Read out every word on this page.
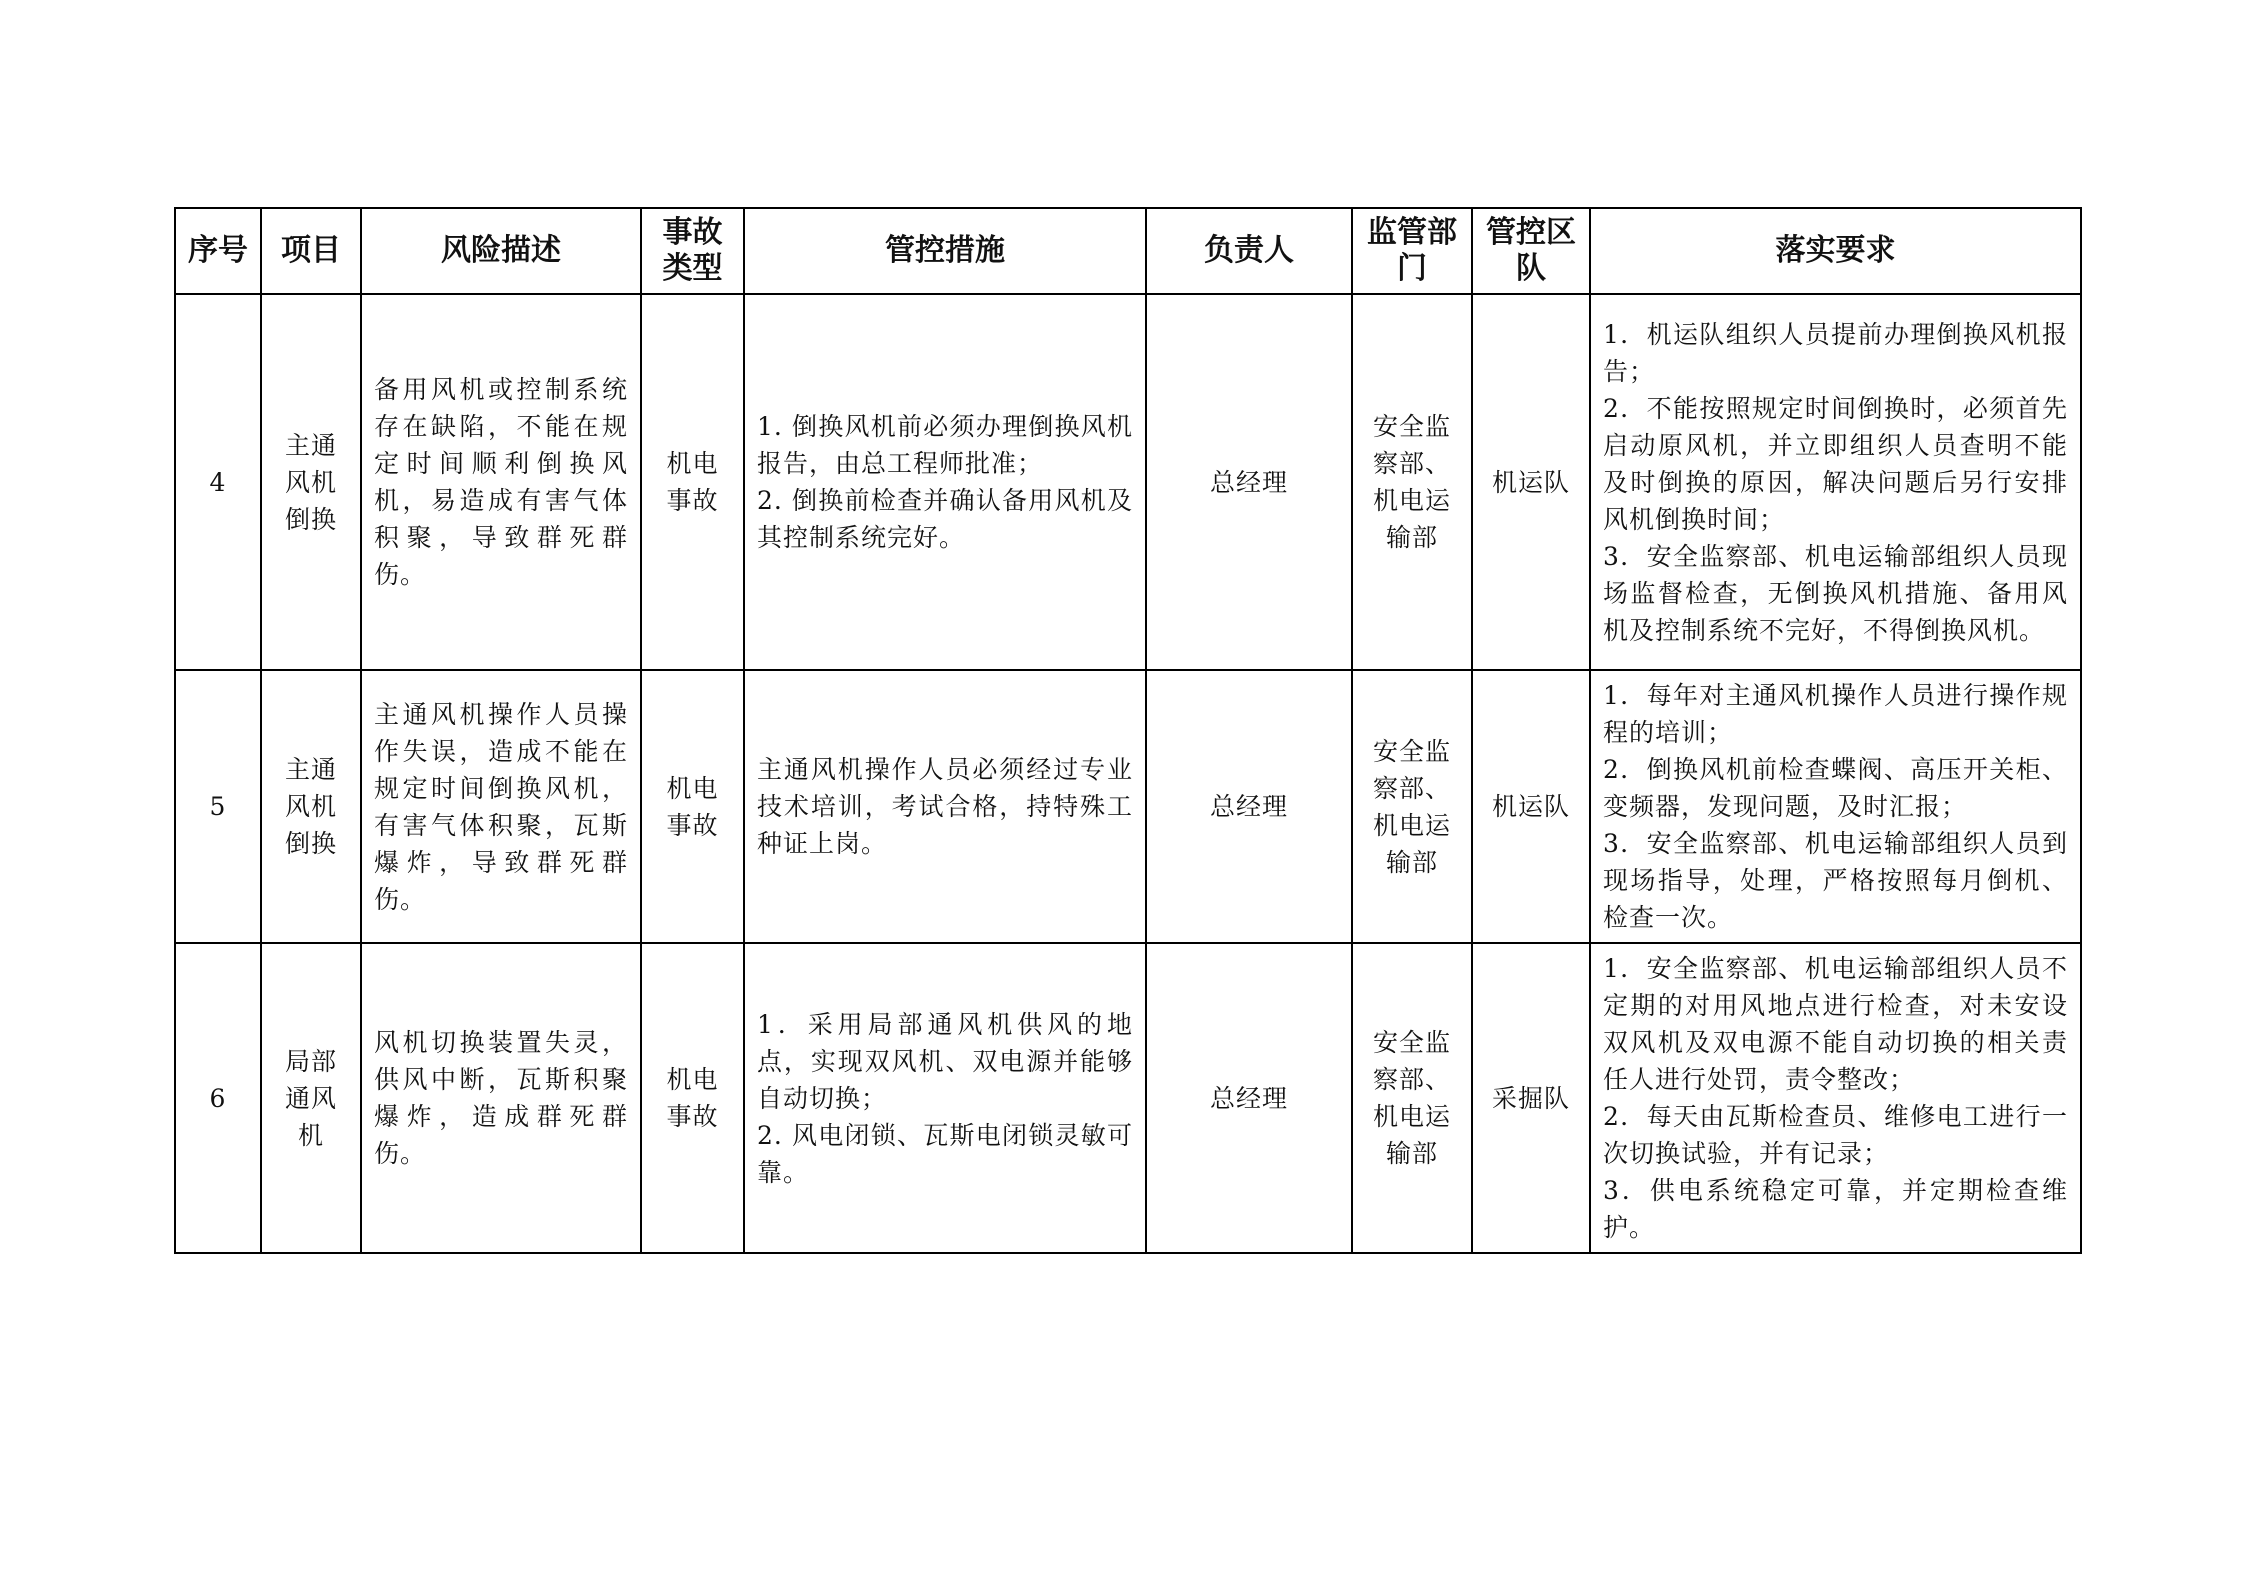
序号	项目	风险描述	事故类型	管控措施	负责人	监管部门	管控区队	落实要求
4	主通风机倒换	备用风机或控制系统存在缺陷，不能在规定时间顺利倒换风机，易造成有害气体积聚，导致群死群伤。	机电事故	1. 倒换风机前必须办理倒换风机报告，由总工程师批准；
2. 倒换前检查并确认备用风机及其控制系统完好。	总经理	安全监察部、机电运输部	机运队	1．机运队组织人员提前办理倒换风机报告；
2．不能按照规定时间倒换时，必须首先启动原风机，并立即组织人员查明不能及时倒换的原因，解决问题后另行安排风机倒换时间；
3．安全监察部、机电运输部组织人员现场监督检查，无倒换风机措施、备用风机及控制系统不完好，不得倒换风机。

5	主通风机倒换	主通风机操作人员操作失误，造成不能在规定时间倒换风机，有害气体积聚，瓦斯爆炸，导致群死群伤。	机电事故	主通风机操作人员必须经过专业技术培训，考试合格，持特殊工种证上岗。	总经理	安全监察部、机电运输部	机运队	1．每年对主通风机操作人员进行操作规程的培训；
2．倒换风机前检查蝶阀、高压开关柜、变频器，发现问题，及时汇报；
3．安全监察部、机电运输部组织人员到现场指导，处理，严格按照每月倒机、检查一次。

6	局部通风机	风机切换装置失灵，供风中断，瓦斯积聚爆炸，造成群死群伤。	机电事故	1．采用局部通风机供风的地点，实现双风机、双电源并能够自动切换；
2. 风电闭锁、瓦斯电闭锁灵敏可靠。	总经理	安全监察部、机电运输部	采掘队	1．安全监察部、机电运输部组织人员不定期的对用风地点进行检查，对未安设双风机及双电源不能自动切换的相关责任人进行处罚，责令整改；
2．每天由瓦斯检查员、维修电工进行一次切换试验，并有记录；
3．供电系统稳定可靠，并定期检查维护。
